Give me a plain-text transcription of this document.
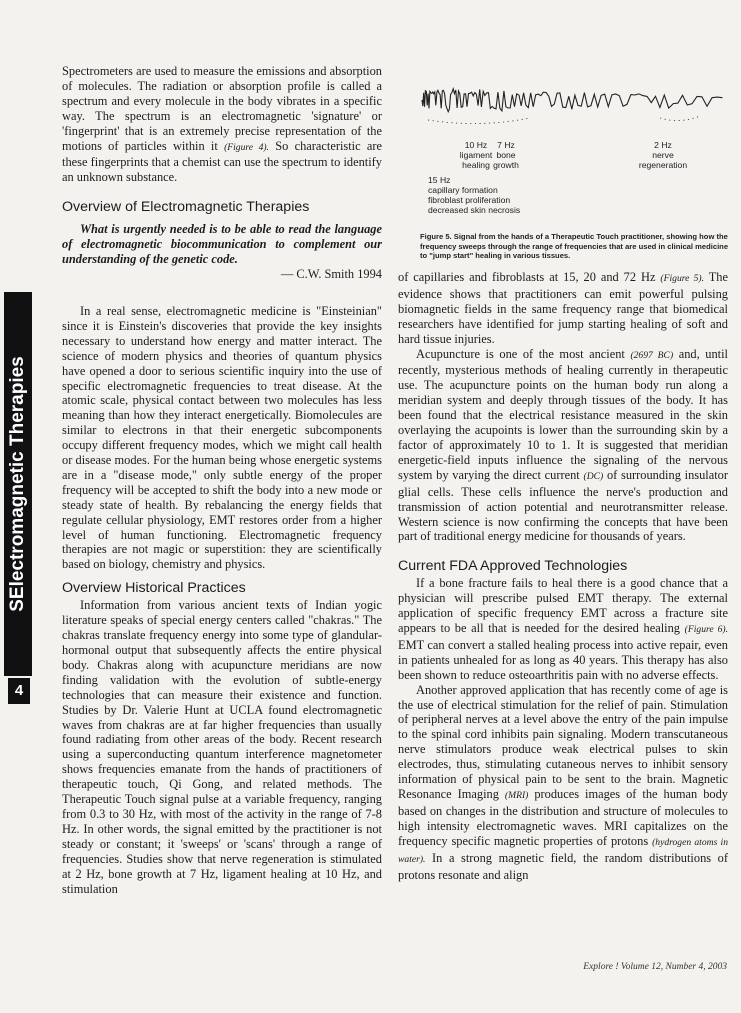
SElectromagnetic Therapies
4

Spectrometers are used to measure the emissions and absorption of molecules. The radiation or absorption profile is called a spectrum and every molecule in the body vibrates in a specific way. The spectrum is an electromagnetic 'signature' or 'fingerprint' that is an extremely precise representation of the motions of particles within it (Figure 4). So characteristic are these fingerprints that a chemist can use the spectrum to identify an unknown substance.

Overview of Electromagnetic Therapies
What is urgently needed is to be able to read the language of electromagnetic biocommunication to complement our understanding of the genetic code.
— C.W. Smith 1994

In a real sense, electromagnetic medicine is "Einsteinian" since it is Einstein's discoveries that provide the key insights necessary to understand how energy and matter interact. The science of modern physics and theories of quantum physics have opened a door to serious scientific inquiry into the use of specific electromagnetic frequencies to treat disease. At the atomic scale, physical contact between two molecules has less meaning than how they interact energetically. Biomolecules are similar to electrons in that their energetic subcomponents occupy different frequency modes, which we might call health or disease modes. For the human being whose energetic systems are in a "disease mode," only subtle energy of the proper frequency will be accepted to shift the body into a new mode or steady state of health. By rebalancing the energy fields that regulate cellular physiology, EMT restores order from a higher level of human functioning. Electromagnetic frequency therapies are not magic or superstition: they are scientifically based on biology, chemistry and physics.

Overview Historical Practices

Information from various ancient texts of Indian yogic literature speaks of special energy centers called "chakras." The chakras translate frequency energy into some type of glandular-hormonal output that subsequently affects the entire physical body. Chakras along with acupuncture meridians are now finding validation with the evolution of subtle-energy technologies that can measure their existence and function. Studies by Dr. Valerie Hunt at UCLA found electromagnetic waves from chakras are at far higher frequencies than usually found radiating from other areas of the body. Recent research using a superconducting quantum interference magnetometer shows frequencies emanate from the hands of practitioners of therapeutic touch, Qi Gong, and related methods. The Therapeutic Touch signal pulse at a variable frequency, ranging from 0.3 to 30 Hz, with most of the activity in the range of 7-8 Hz. In other words, the signal emitted by the practitioner is not steady or constant; it 'sweeps' or 'scans' through a range of frequencies. Studies show that nerve regeneration is stimulated at 2 Hz, bone growth at 7 Hz, ligament healing at 10 Hz, and stimulation

10 Hz
ligament
healing
7 Hz
bone
growth
2 Hz
nerve
regeneration
15 Hz
capillary formation
fibroblast proliferation
decreased skin necrosis
Figure 5. Signal from the hands of a Therapeutic Touch practitioner, showing how the frequency sweeps through the range of frequencies that are used in clinical medicine to "jump start" healing in various tissues.

of capillaries and fibroblasts at 15, 20 and 72 Hz (Figure 5). The evidence shows that practitioners can emit powerful pulsing biomagnetic fields in the same frequency range that biomedical researchers have identified for jump starting healing of soft and hard tissue injuries.

Acupuncture is one of the most ancient (2697 BC) and, until recently, mysterious methods of healing currently in therapeutic use. The acupuncture points on the human body run along a meridian system and deeply through tissues of the body. It has been found that the electrical resistance measured in the skin overlaying the acupoints is lower than the surrounding skin by a factor of approximately 10 to 1. It is suggested that meridian energetic-field inputs influence the signaling of the nervous system by varying the direct current (DC) of surrounding insulator glial cells. These cells influence the nerve's production and transmission of action potential and neurotransmitter release. Western science is now confirming the concepts that have been part of traditional energy medicine for thousands of years.

Current FDA Approved Technologies

If a bone fracture fails to heal there is a good chance that a physician will prescribe pulsed EMT therapy. The external application of specific frequency EMT across a fracture site appears to be all that is needed for the desired healing (Figure 6). EMT can convert a stalled healing process into active repair, even in patients unhealed for as long as 40 years. This therapy has also been shown to reduce osteoarthritis pain with no adverse effects.

Another approved application that has recently come of age is the use of electrical stimulation for the relief of pain. Stimulation of peripheral nerves at a level above the entry of the pain impulse to the spinal cord inhibits pain signaling. Modern transcutaneous nerve stimulators produce weak electrical pulses to skin electrodes, thus, stimulating cutaneous nerves to inhibit sensory information of physical pain to be sent to the brain. Magnetic Resonance Imaging (MRI) produces images of the human body based on changes in the distribution and structure of molecules to high intensity electromagnetic waves. MRI capitalizes on the frequency specific magnetic properties of protons (hydrogen atoms in water). In a strong magnetic field, the random distributions of protons resonate and align

Explore ! Volume 12, Number 4, 2003
